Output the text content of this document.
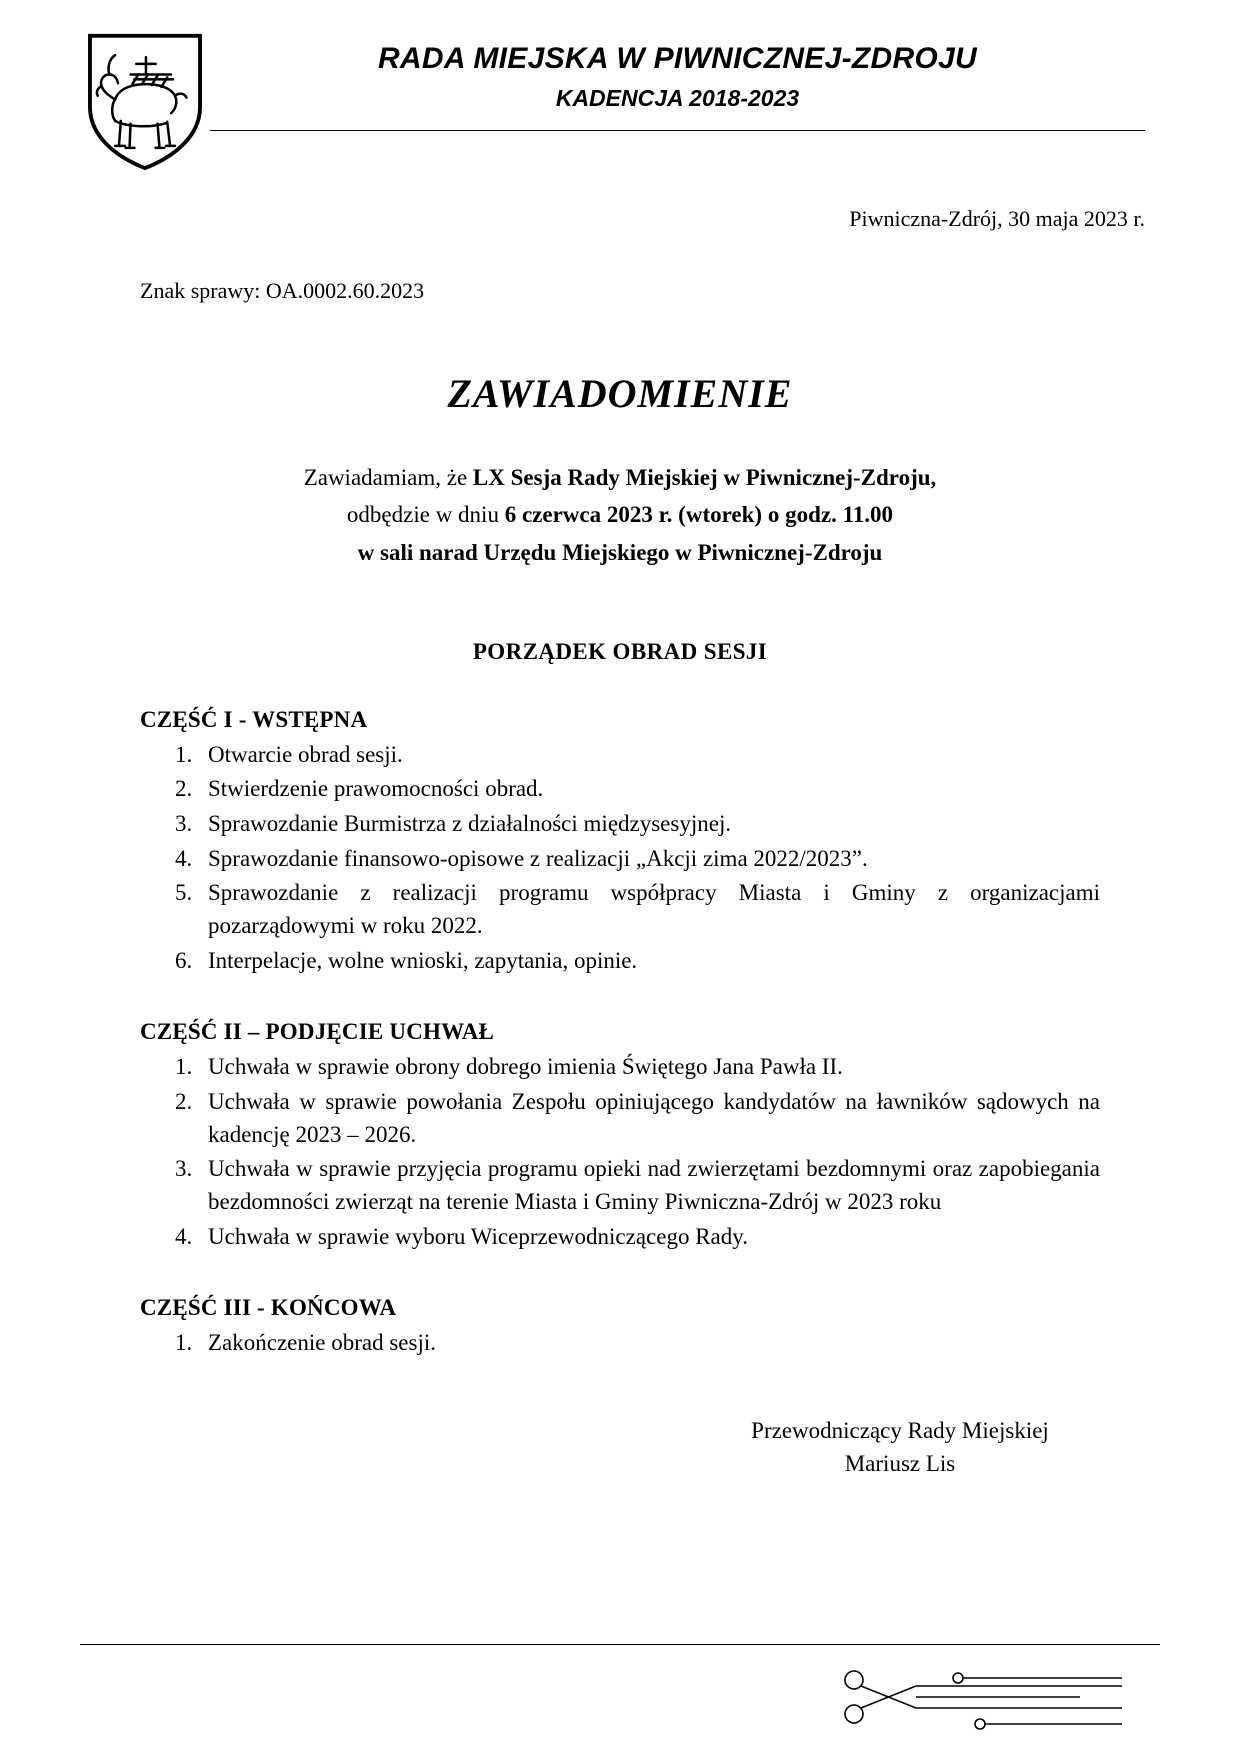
RADA MIEJSKA W PIWNICZNEJ-ZDROJU
KADENCJA 2018-2023
Piwniczna-Zdrój, 30 maja 2023 r.
Znak sprawy: OA.0002.60.2023
ZAWIADOMIENIE
Zawiadamiam, że LX Sesja Rady Miejskiej w Piwnicznej-Zdroju,
odbędzie w dniu 6 czerwca 2023 r. (wtorek) o godz. 11.00
w sali narad Urzędu Miejskiego w Piwnicznej-Zdroju
PORZĄDEK OBRAD SESJI
CZĘŚĆ I - WSTĘPNA
1. Otwarcie obrad sesji.
2. Stwierdzenie prawomocności obrad.
3. Sprawozdanie Burmistrza z działalności międzysesyjnej.
4. Sprawozdanie finansowo-opisowe z realizacji „Akcji zima 2022/2023”.
5. Sprawozdanie z realizacji programu współpracy Miasta i Gminy z organizacjami pozarządowymi w roku 2022.
6. Interpelacje, wolne wnioski, zapytania, opinie.
CZĘŚĆ II – PODJĘCIE UCHWAŁ
1. Uchwała w sprawie obrony dobrego imienia Świętego Jana Pawła II.
2. Uchwała w sprawie powołania Zespołu opiniującego kandydatów na ławników sądowych na kadencję 2023 – 2026.
3. Uchwała w sprawie przyjęcia programu opieki nad zwierzętami bezdomnymi oraz zapobiegania bezdomności zwierząt na terenie Miasta i Gminy Piwniczna-Zdrój w 2023 roku
4. Uchwała w sprawie wyboru Wiceprzewodniczącego Rady.
CZĘŚĆ III - KOŃCOWA
1. Zakończenie obrad sesji.
Przewodniczący Rady Miejskiej
Mariusz Lis
